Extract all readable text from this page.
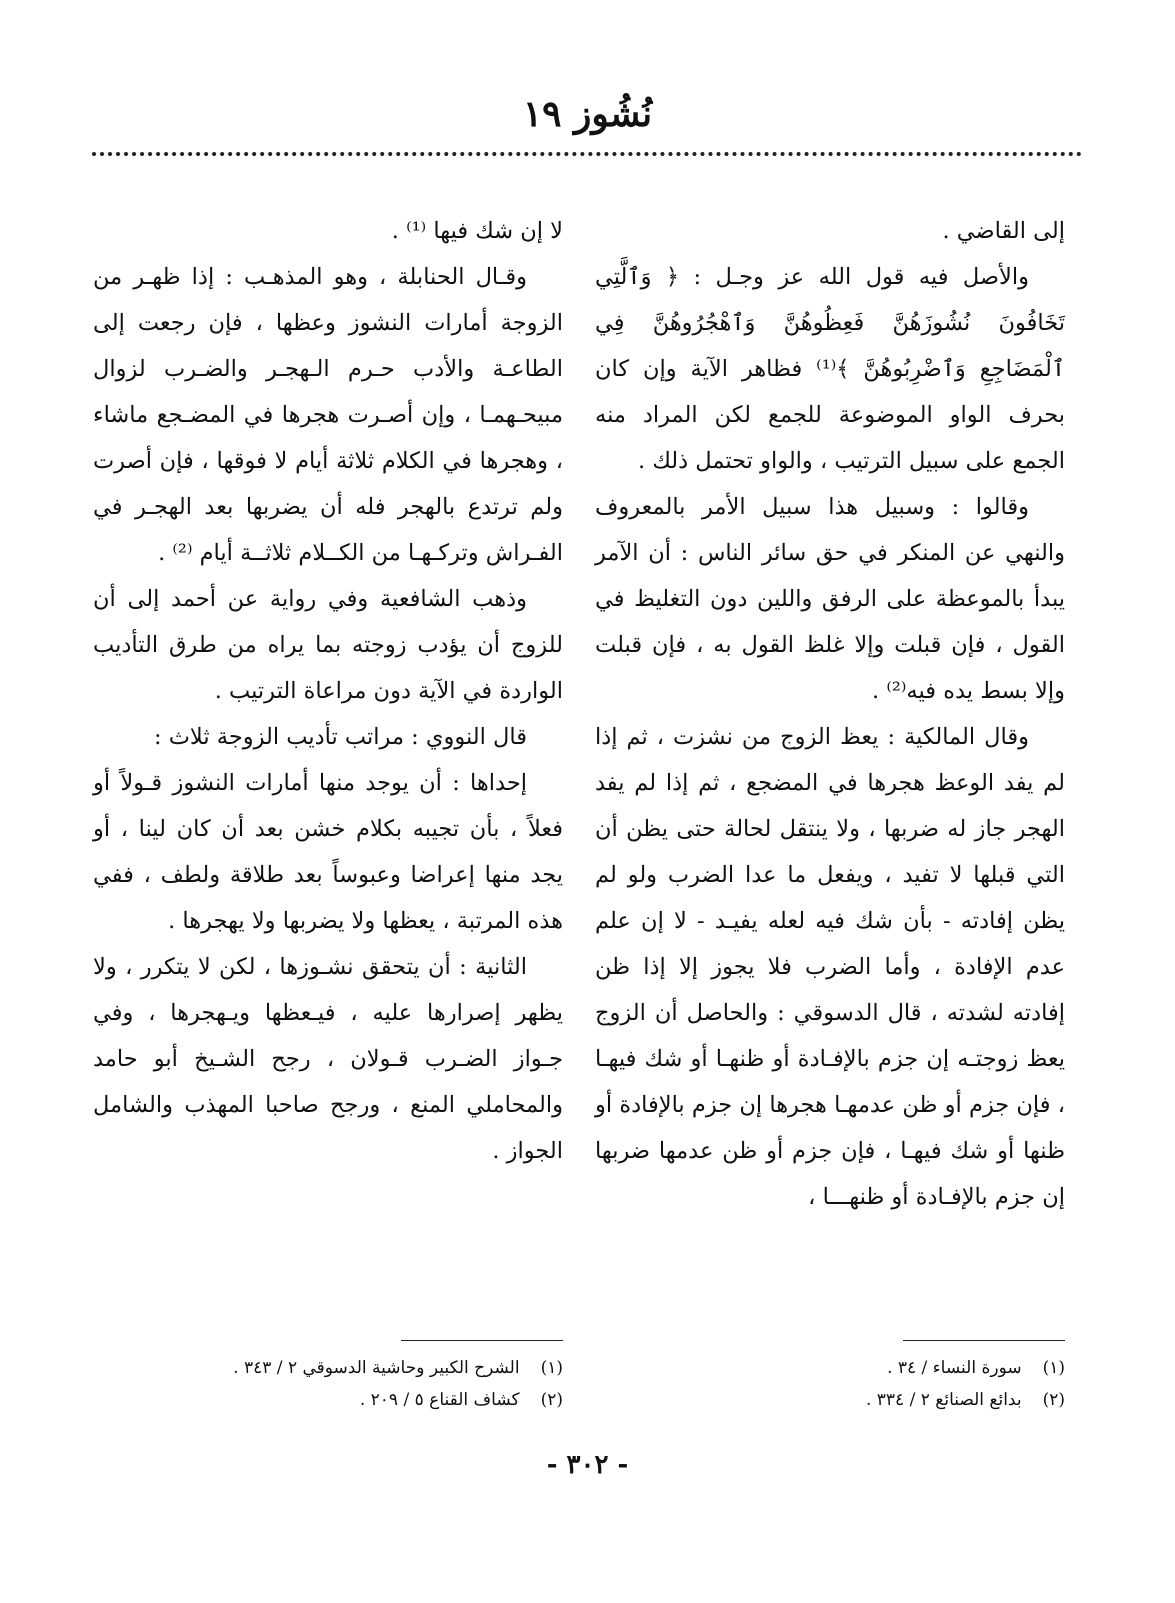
نُشُوز ١٩

إلى القاضي .

والأصل فيه قول الله عز وجـل : ﴿ وَٱلَّتِي تَخَافُونَ نُشُوزَهُنَّ فَعِظُوهُنَّ وَٱهْجُرُوهُنَّ فِي ٱلْمَضَاجِعِ وَٱضْرِبُوهُنَّ ﴾⁽¹⁾ فظاهر الآية وإن كان بحرف الواو الموضوعة للجمع لكن المراد منه الجمع على سبيل الترتيب ، والواو تحتمل ذلك .

وقالوا : وسبيل هذا سبيل الأمر بالمعروف والنهي عن المنكر في حق سائر الناس : أن الآمر يبدأ بالموعظة على الرفق واللين دون التغليظ في القول ، فإن قبلت وإلا غلظ القول به ، فإن قبلت وإلا بسط يده فيه⁽²⁾ .

وقال المالكية : يعظ الزوج من نشزت ، ثم إذا لم يفد الوعظ هجرها في المضجع ، ثم إذا لم يفد الهجر جاز له ضربها ، ولا ينتقل لحالة حتى يظن أن التي قبلها لا تفيد ، ويفعل ما عدا الضرب ولو لم يظن إفادته - بأن شك فيه لعله يفيـد - لا إن علم عدم الإفادة ، وأما الضرب فلا يجوز إلا إذا ظن إفادته لشدته ، قال الدسوقي : والحاصل أن الزوج يعظ زوجتـه إن جزم بالإفـادة أو ظنهـا أو شك فيهـا ، فإن جزم أو ظن عدمهـا هجرها إن جزم بالإفادة أو ظنها أو شك فيهـا ، فإن جزم أو ظن عدمها ضربها إن جزم بالإفـادة أو ظنهـــا ،

لا إن شك فيها ⁽¹⁾ .

وقـال الحنابلة ، وهو المذهـب : إذا ظهـر من الزوجة أمارات النشوز وعظها ، فإن رجعت إلى الطاعـة والأدب حـرم الـهجـر والضـرب لزوال مبيحـهمـا ، وإن أصـرت هجرها في المضـجع ماشاء ، وهجرها في الكلام ثلاثة أيام لا فوقها ، فإن أصرت ولم ترتدع بالهجر فله أن يضربها بعد الهجـر في الفـراش وتركـهـا من الكــلام ثلاثــة أيام ⁽²⁾ .

وذهب الشافعية وفي رواية عن أحمد إلى أن للزوج أن يؤدب زوجته بما يراه من طرق التأديب الواردة في الآية دون مراعاة الترتيب .

قال النووي : مراتب تأديب الزوجة ثلاث :

إحداها : أن يوجد منها أمارات النشوز قـولاً أو فعلاً ، بأن تجيبه بكلام خشن بعد أن كان لينا ، أو يجد منها إعراضا وعبوساً بعد طلاقة ولطف ، ففي هذه المرتبة ، يعظها ولا يضربها ولا يهجرها .

الثانية : أن يتحقق نشـوزها ، لكن لا يتكرر ، ولا يظهر إصرارها عليه ، فيـعظها ويـهجرها ، وفي جـواز الضـرب قـولان ، رجح الشـيخ أبو حامد والمحاملي المنع ، ورجح صاحبا المهذب والشامل الجواز .

(١) سورة النساء / ٣٤ .
(٢) بدائع الصنائع ٢ / ٣٣٤ .
(١) الشرح الكبير وحاشية الدسوقي ٢ / ٣٤٣ .
(٢) كشاف القناع ٥ / ٢٠٩ .
- ٣٠٢ -
